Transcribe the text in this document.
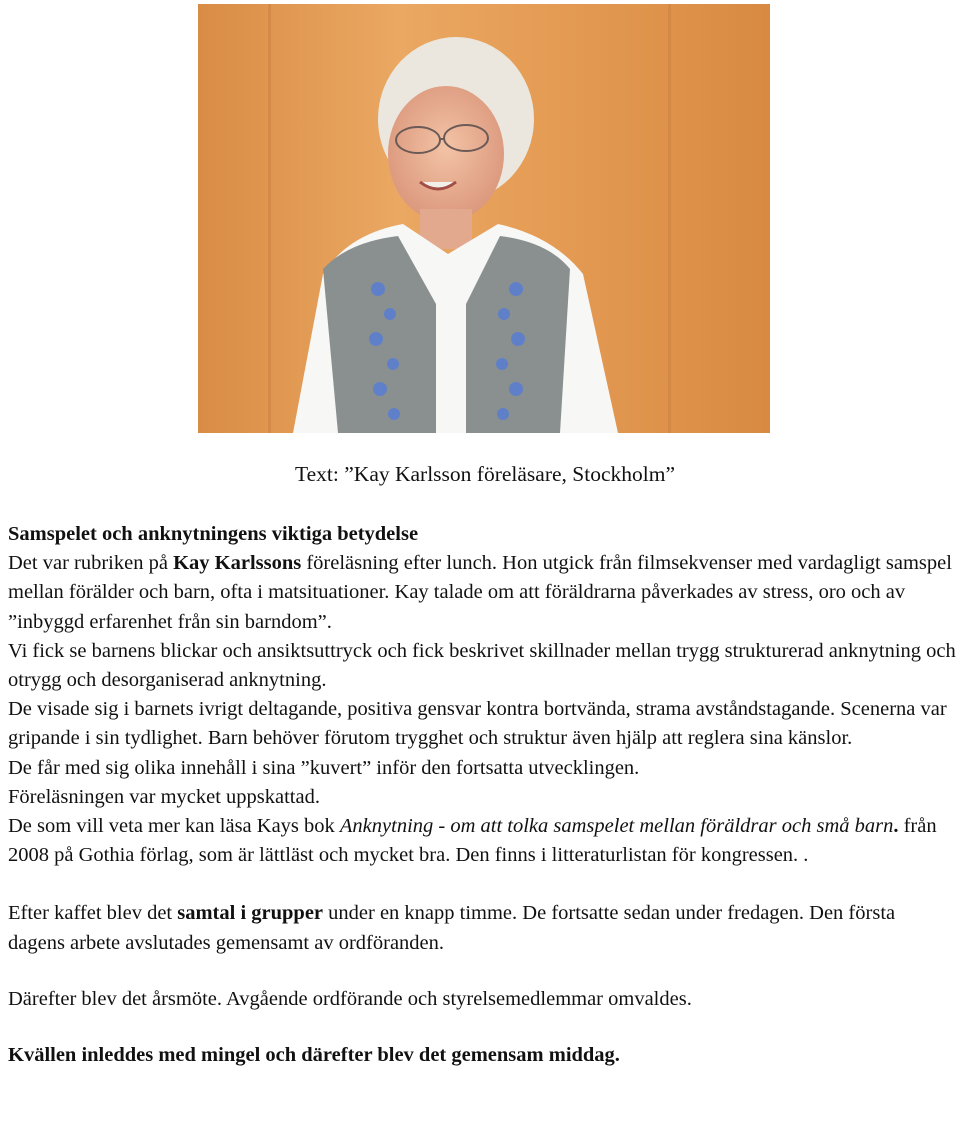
Text: ”Kay Karlsson föreläsare, Stockholm”

Samspelet och anknytningens viktiga betydelse

Det var rubriken på Kay Karlssons föreläsning efter lunch. Hon utgick från filmsekvenser med vardagligt samspel mellan förälder och barn, ofta i matsituationer. Kay talade om att föräldrarna påverkades av stress, oro och av ”inbyggd erfarenhet från sin barndom”.

Vi fick se barnens blickar och ansiktsuttryck och fick beskrivet skillnader mellan trygg strukturerad anknytning och otrygg och desorganiserad anknytning.

De visade sig i barnets ivrigt deltagande, positiva gensvar kontra bortvända, strama avståndstagande. Scenerna var gripande i sin tydlighet. Barn behöver förutom trygghet och struktur även hjälp att reglera sina känslor.

De får med sig olika innehåll i sina ”kuvert” inför den fortsatta utvecklingen.

Föreläsningen var mycket uppskattad.

De som vill veta mer kan läsa Kays bok Anknytning - om att tolka samspelet mellan föräldrar och små barn. från 2008 på Gothia förlag, som är lättläst och mycket bra. Den finns i litteraturlistan för kongressen. .

Efter kaffet blev det samtal i grupper under en knapp timme. De fortsatte sedan under fredagen. Den första dagens arbete avslutades gemensamt av ordföranden.

Därefter blev det årsmöte. Avgående ordförande och styrelsemedlemmar omvaldes.

Kvällen inleddes med mingel och därefter blev det gemensam middag.
